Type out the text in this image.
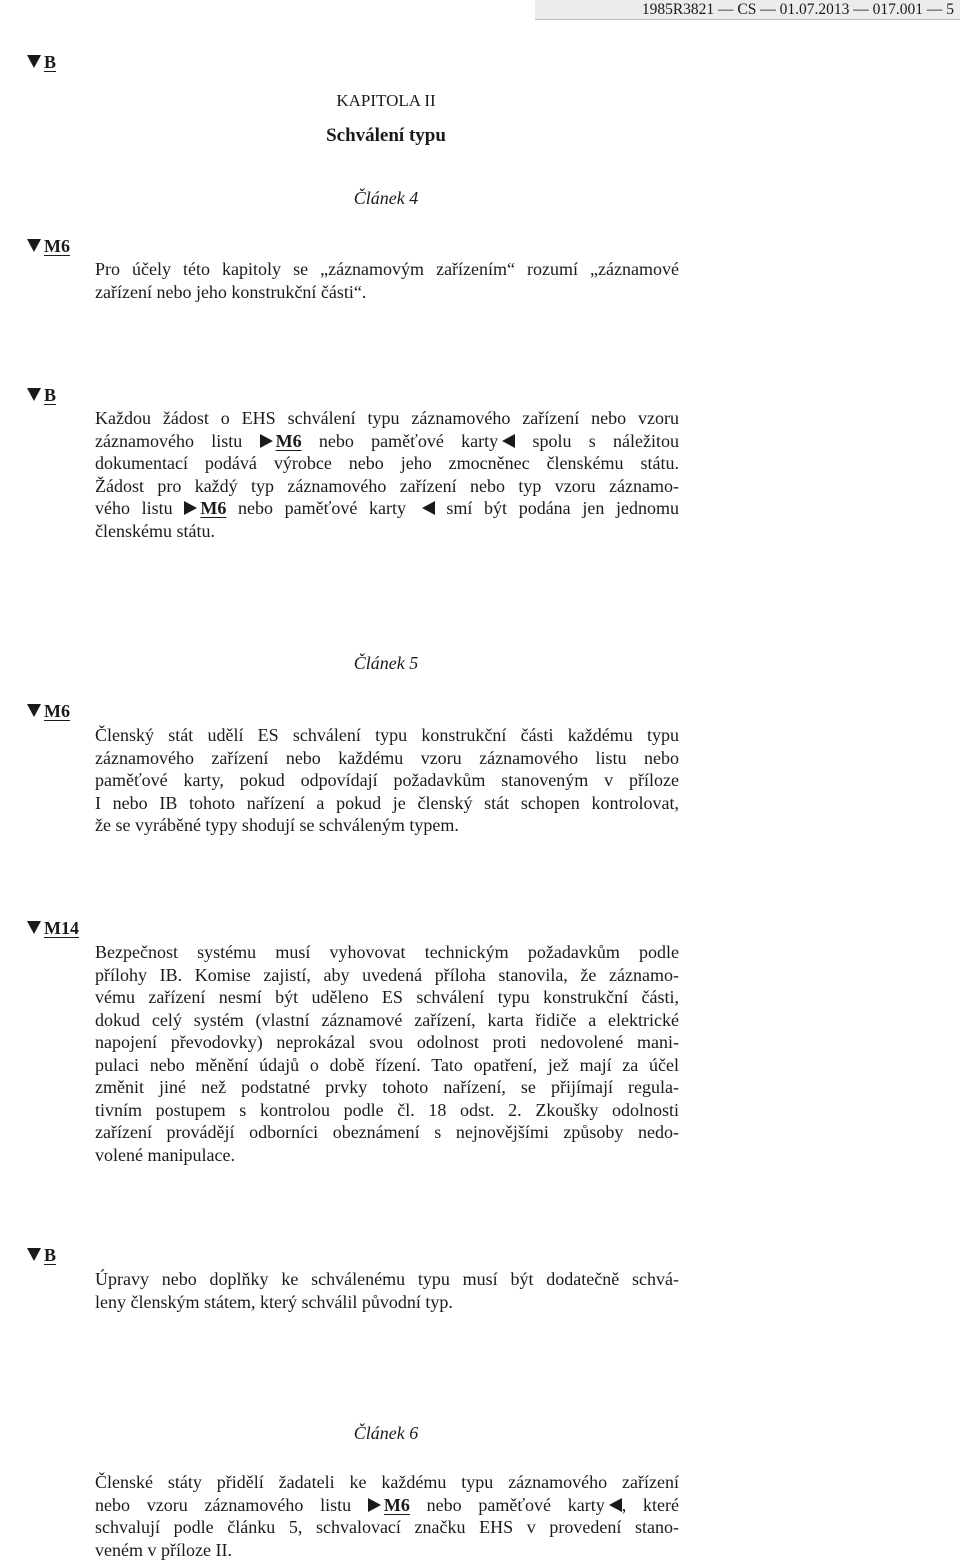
1985R3821 — CS — 01.07.2013 — 017.001 — 5
B
KAPITOLA II
Schválení typu
Článek 4
M6
Pro účely této kapitoly se „záznamovým zařízením“ rozumí „záznamové
zařízení nebo jeho konstrukční části“.
B
Každou žádost o EHS schválení typu záznamového zařízení nebo vzoru
záznamového listu M6 nebo paměťové karty spolu s náležitou
dokumentací podává výrobce nebo jeho zmocněnec členskému státu.
Žádost pro každý typ záznamového zařízení nebo typ vzoru záznamo-
vého listu M6 nebo paměťové karty smí být podána jen jednomu
členskému státu.
Článek 5
M6
Členský stát udělí ES schválení typu konstrukční části každému typu
záznamového zařízení nebo každému vzoru záznamového listu nebo
paměťové karty, pokud odpovídají požadavkům stanoveným v příloze
I nebo IB tohoto nařízení a pokud je členský stát schopen kontrolovat,
že se vyráběné typy shodují se schváleným typem.
M14
Bezpečnost systému musí vyhovovat technickým požadavkům podle
přílohy IB. Komise zajistí, aby uvedená příloha stanovila, že záznamo-
vému zařízení nesmí být uděleno ES schválení typu konstrukční části,
dokud celý systém (vlastní záznamové zařízení, karta řidiče a elektrické
napojení převodovky) neprokázal svou odolnost proti nedovolené mani-
pulaci nebo měnění údajů o době řízení. Tato opatření, jež mají za účel
změnit jiné než podstatné prvky tohoto nařízení, se přijímají regula-
tivním postupem s kontrolou podle čl. 18 odst. 2. Zkoušky odolnosti
zařízení provádějí odborníci obeznámení s nejnovějšími způsoby nedo-
volené manipulace.
B
Úpravy nebo doplňky ke schválenému typu musí být dodatečně schvá-
leny členským státem, který schválil původní typ.
Článek 6
Členské státy přidělí žadateli ke každému typu záznamového zařízení
nebo vzoru záznamového listu M6 nebo paměťové karty , které
schvalují podle článku 5, schvalovací značku EHS v provedení stano-
veném v příloze II.
